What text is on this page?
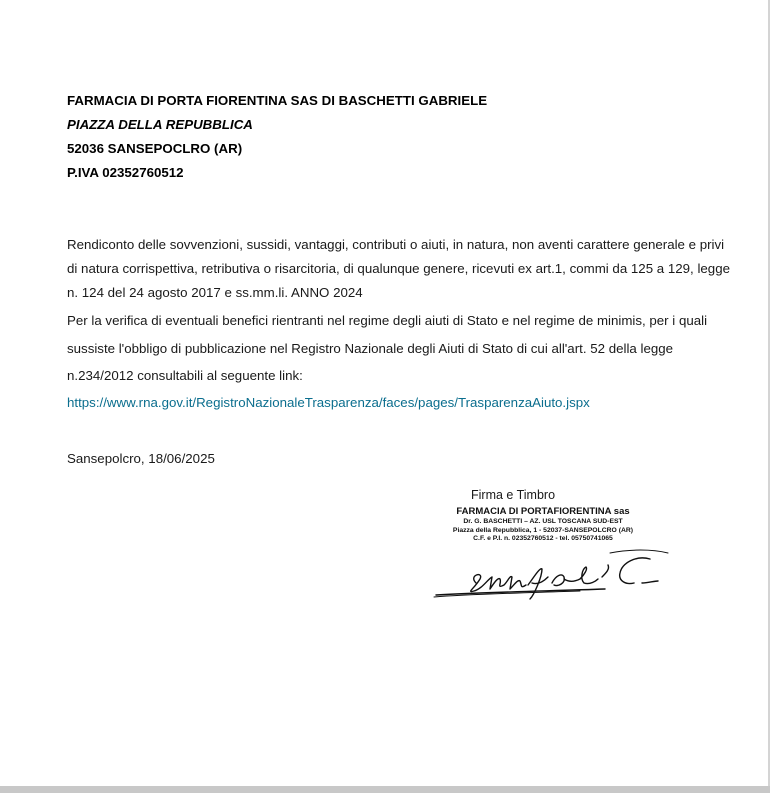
FARMACIA DI PORTA FIORENTINA SAS DI BASCHETTI GABRIELE
PIAZZA DELLA REPUBBLICA
52036 SANSEPOCLRO (AR)
P.IVA 02352760512
Rendiconto delle sovvenzioni, sussidi, vantaggi, contributi o aiuti, in natura, non aventi carattere generale e privi di natura corrispettiva, retributiva o risarcitoria, di qualunque genere, ricevuti ex art.1, commi da 125 a 129, legge n. 124 del 24 agosto 2017 e ss.mm.li. ANNO 2024
Per la verifica di eventuali benefici rientranti nel regime degli aiuti di Stato e nel regime de minimis, per i quali sussiste l'obbligo di pubblicazione nel Registro Nazionale degli Aiuti di Stato di cui all'art. 52 della legge n.234/2012 consultabili al seguente link:
https://www.rna.gov.it/RegistroNazionaleTrasparenza/faces/pages/TrasparenzaAiuto.jspx
Sansepolcro, 18/06/2025
Firma e Timbro
FARMACIA DI PORTAFIORENTINA sas
Dr. G. BASCHETTI – AZ. USL TOSCANA SUD-EST
Piazza della Repubblica, 1 - 52037-SANSEPOLCRO (AR)
C.F. e P.I. n. 02352760512 - tel. 05750741065
